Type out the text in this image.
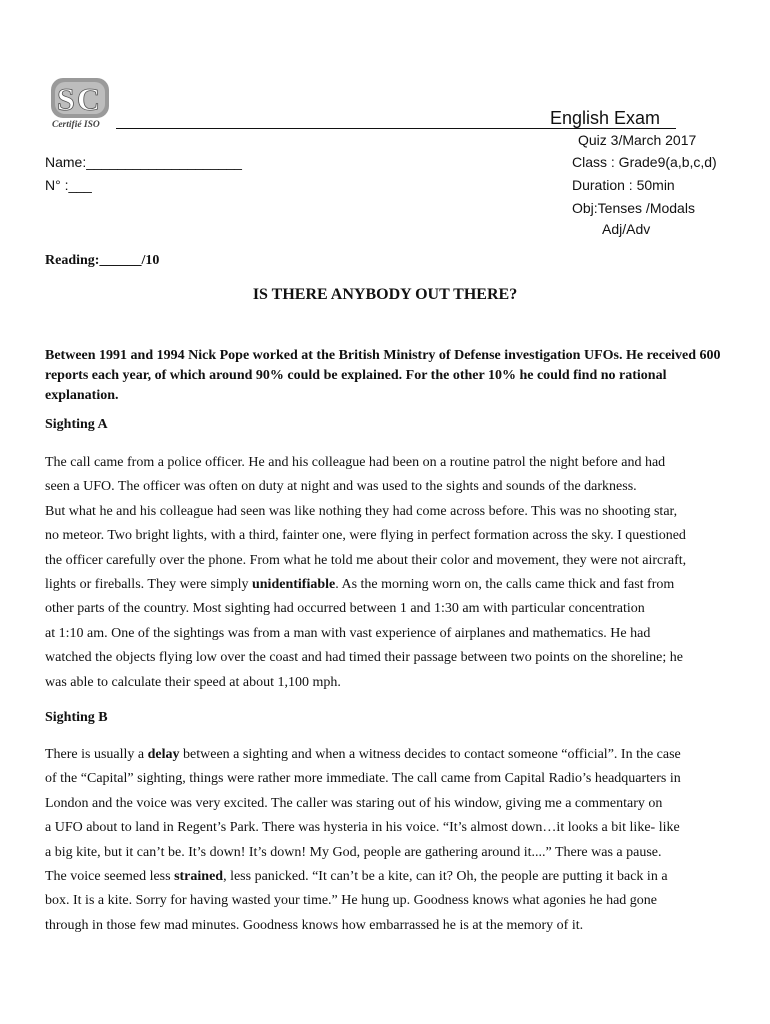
S C
Certifié ISO	English Exam
Quiz 3/March 2017
Class : Grade9(a,b,c,d)
Duration : 50min
Obj:Tenses /Modals
Adj/Adv
Name:____________________
N° :___
Reading:______/10
IS THERE ANYBODY OUT THERE?
Between 1991 and 1994 Nick Pope worked at the British Ministry of Defense investigation UFOs. He received 600 reports each year, of which around 90% could be explained. For the other 10% he could find no rational explanation.
Sighting A
The call came from a police officer. He and his colleague had been on a routine patrol the night before and had
seen a UFO. The officer was often on duty at night and was used to the sights and sounds of the darkness.
But what he and his colleague had seen was like nothing they had come across before. This was no shooting star,
no meteor. Two bright lights, with a third, fainter one, were flying in perfect formation across the sky. I questioned
the officer carefully over the phone. From what he told me about their color and movement, they were not aircraft,
lights or fireballs. They were simply unidentifiable. As the morning worn on, the calls came thick and fast from
other parts of the country. Most sighting had occurred between 1 and 1:30 am with particular concentration
at 1:10 am. One of the sightings was from a man with vast experience of airplanes and mathematics. He had
watched the objects flying low over the coast and had timed their passage between two points on the shoreline; he
was able to calculate their speed at about 1,100 mph.
Sighting B
There is usually a delay between a sighting and when a witness decides to contact someone “official”. In the case
of the “Capital” sighting, things were rather more immediate. The call came from Capital Radio’s headquarters in
London and the voice was very excited. The caller was staring out of his window, giving me a commentary on
a UFO about to land in Regent’s Park. There was hysteria in his voice. “It’s almost down…it looks a bit like- like
a big kite, but it can’t be. It’s down! It’s down! My God, people are gathering around it....” There was a pause.
The voice seemed less strained, less panicked. “It can’t be a kite, can it? Oh, the people are putting it back in a
box. It is a kite. Sorry for having wasted your time.” He hung up. Goodness knows what agonies he had gone
through in those few mad minutes. Goodness knows how embarrassed he is at the memory of it.
